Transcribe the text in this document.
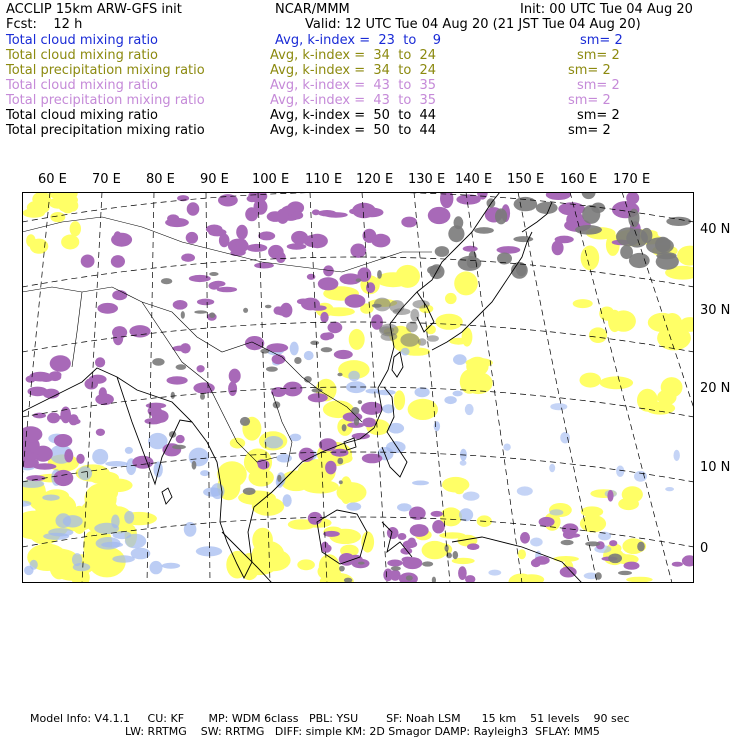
ACCLIP 15km ARW-GFS init	NCAR/MMM	Init: 00 UTC Tue 04 Aug 20
Fcst:    12 h	Valid: 12 UTC Tue 04 Aug 20 (21 JST Tue 04 Aug 20)
Total cloud mixing ratio	Avg, k-index =  23  to    9	sm= 2
Total cloud mixing ratio	Avg, k-index =  34  to  24	sm= 2
Total precipitation mixing ratio	Avg, k-index =  34  to  24	sm= 2
Total cloud mixing ratio	Avg, k-index =  43  to  35	sm= 2
Total precipitation mixing ratio	Avg, k-index =  43  to  35	sm= 2
Total cloud mixing ratio	Avg, k-index =  50  to  44	sm= 2
Total precipitation mixing ratio	Avg, k-index =  50  to  44	sm= 2
60 E 70 E 80 E 90 E 100 E 110 E 120 E 130 E 140 E 150 E 160 E 170 E
40 N
30 N
20 N
10 N
0
Model Info: V4.1.1     CU: KF       MP: WDM 6class   PBL: YSU        SF: Noah LSM      15 km    51 levels    90 sec
LW: RRTMG    SW: RRTMG   DIFF: simple KM: 2D Smagor DAMP: Rayleigh3  SFLAY: MM5
